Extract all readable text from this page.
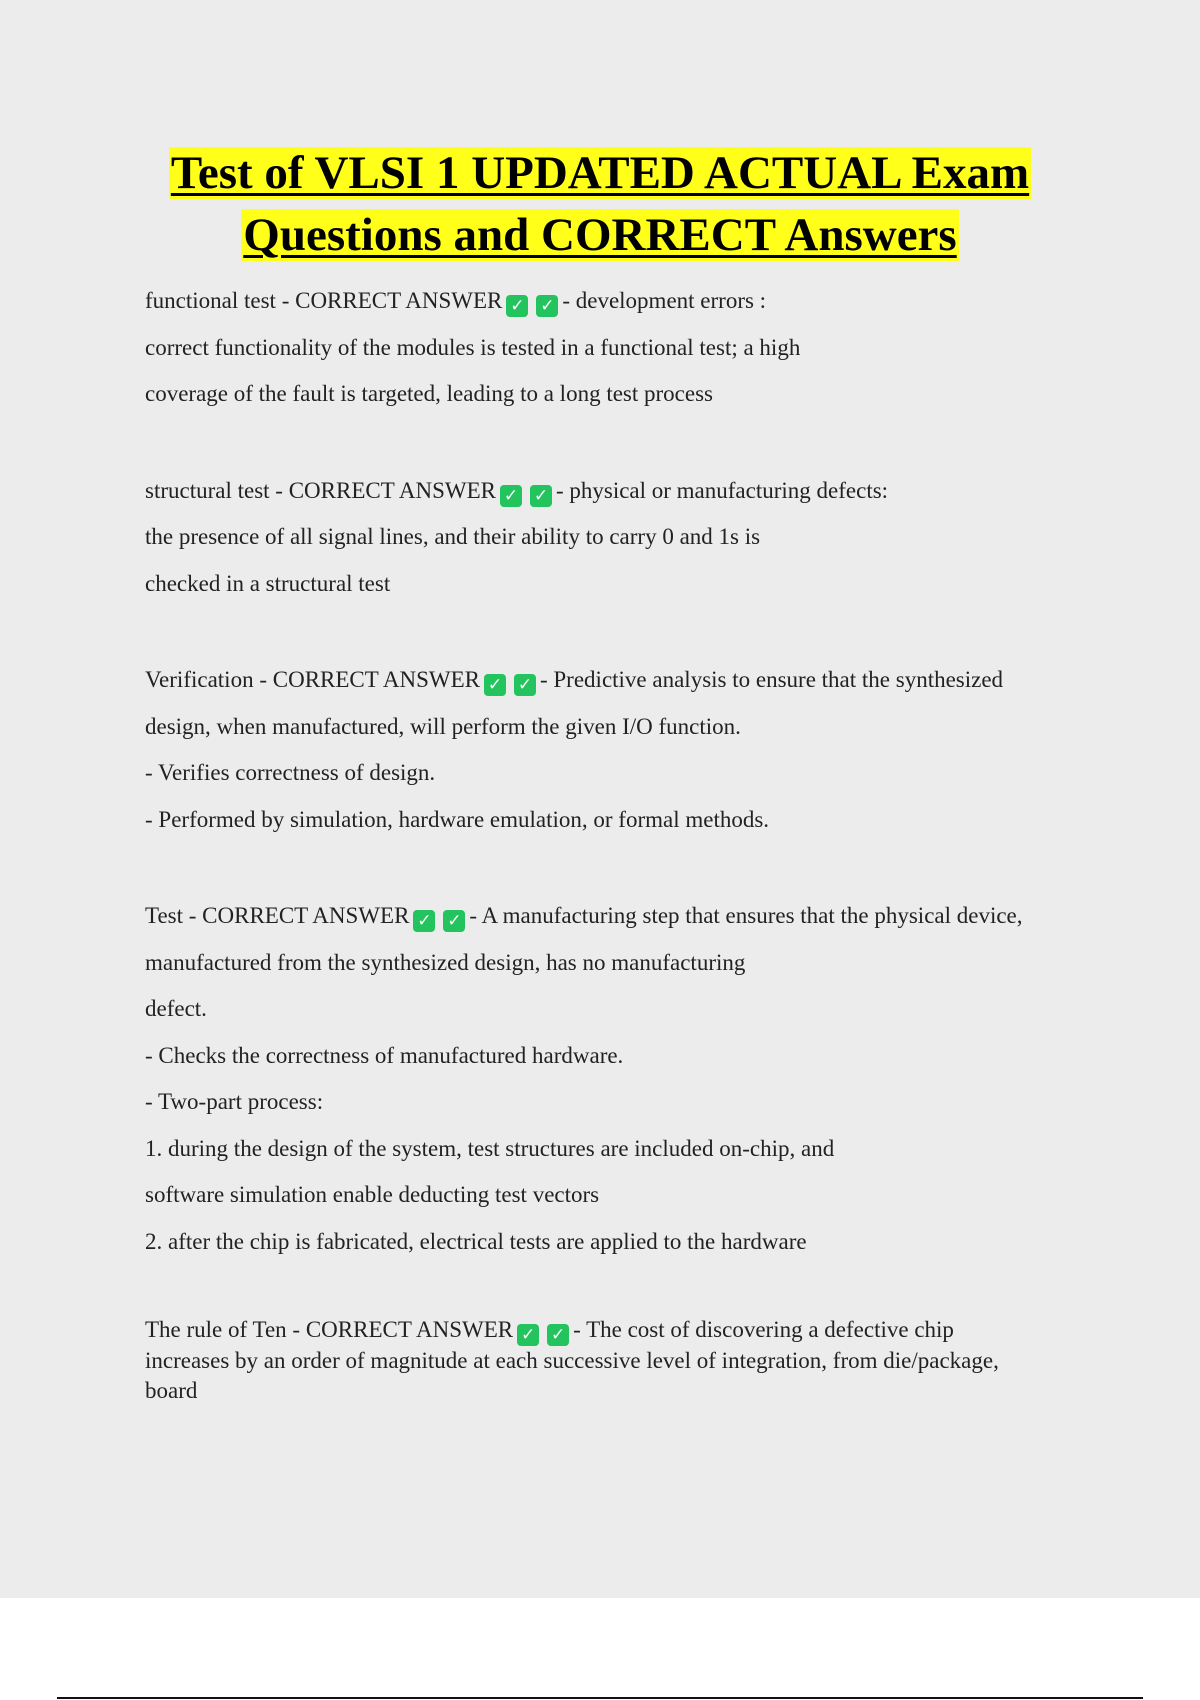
Test of VLSI 1 UPDATED ACTUAL Exam
Questions and CORRECT Answers
functional test - CORRECT ANSWER ✓ ✓ - development errors :
correct functionality of the modules is tested in a functional test; a high
coverage of the fault is targeted, leading to a long test process
structural test - CORRECT ANSWER ✓ ✓ - physical or manufacturing defects:
the presence of all signal lines, and their ability to carry 0 and 1s is
checked in a structural test
Verification - CORRECT ANSWER ✓ ✓ - Predictive analysis to ensure that the synthesized
design, when manufactured, will perform the given I/O function.
- Verifies correctness of design.
- Performed by simulation, hardware emulation, or formal methods.
Test - CORRECT ANSWER ✓ ✓ - A manufacturing step that ensures that the physical device,
manufactured from the synthesized design, has no manufacturing
defect.
- Checks the correctness of manufactured hardware.
- Two-part process:
1. during the design of the system, test structures are included on-chip, and
software simulation enable deducting test vectors
2. after the chip is fabricated, electrical tests are applied to the hardware
The rule of Ten - CORRECT ANSWER ✓ ✓ - The cost of discovering a defective chip
increases by an order of magnitude at each successive level of integration, from die/package,
board
